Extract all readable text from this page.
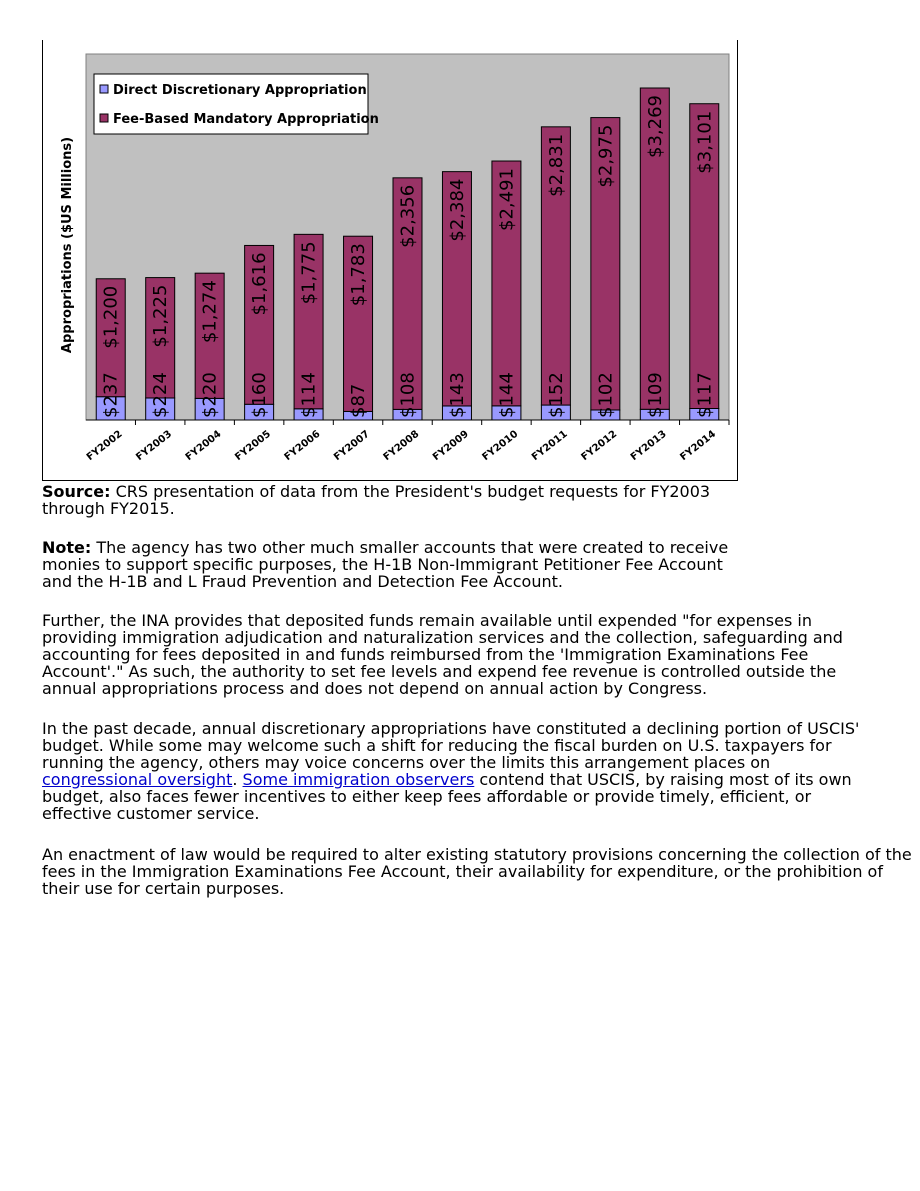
$237
$1,200
FY2002
$224
$1,225
FY2003
$220
$1,274
FY2004
$160
$1,616
FY2005
$114
$1,775
FY2006
$87
$1,783
FY2007
$108
$2,356
FY2008
$143
$2,384
FY2009
$144
$2,491
FY2010
$152
$2,831
FY2011
$102
$2,975
FY2012
$109
$3,269
FY2013
$117
$3,101
FY2014
Appropriations ($US Millions)
Direct Discretionary Appropriation
Fee-Based Mandatory Appropriation

Source: CRS presentation of data from the President's budget requests for FY2003 through FY2015.

Note: The agency has two other much smaller accounts that were created to receive monies to support specific purposes, the H-1B Non-Immigrant Petitioner Fee Account and the H-1B and L Fraud Prevention and Detection Fee Account.

Further, the INA provides that deposited funds remain available until expended "for expenses in providing immigration adjudication and naturalization services and the collection, safeguarding and accounting for fees deposited in and funds reimbursed from the 'Immigration Examinations Fee Account'." As such, the authority to set fee levels and expend fee revenue is controlled outside the annual appropriations process and does not depend on annual action by Congress.

In the past decade, annual discretionary appropriations have constituted a declining portion of USCIS' budget. While some may welcome such a shift for reducing the fiscal burden on U.S. taxpayers for running the agency, others may voice concerns over the limits this arrangement places on congressional oversight. Some immigration observers contend that USCIS, by raising most of its own budget, also faces fewer incentives to either keep fees affordable or provide timely, efficient, or effective customer service.

An enactment of law would be required to alter existing statutory provisions concerning the collection of the fees in the Immigration Examinations Fee Account, their availability for expenditure, or the prohibition of their use for certain purposes.
